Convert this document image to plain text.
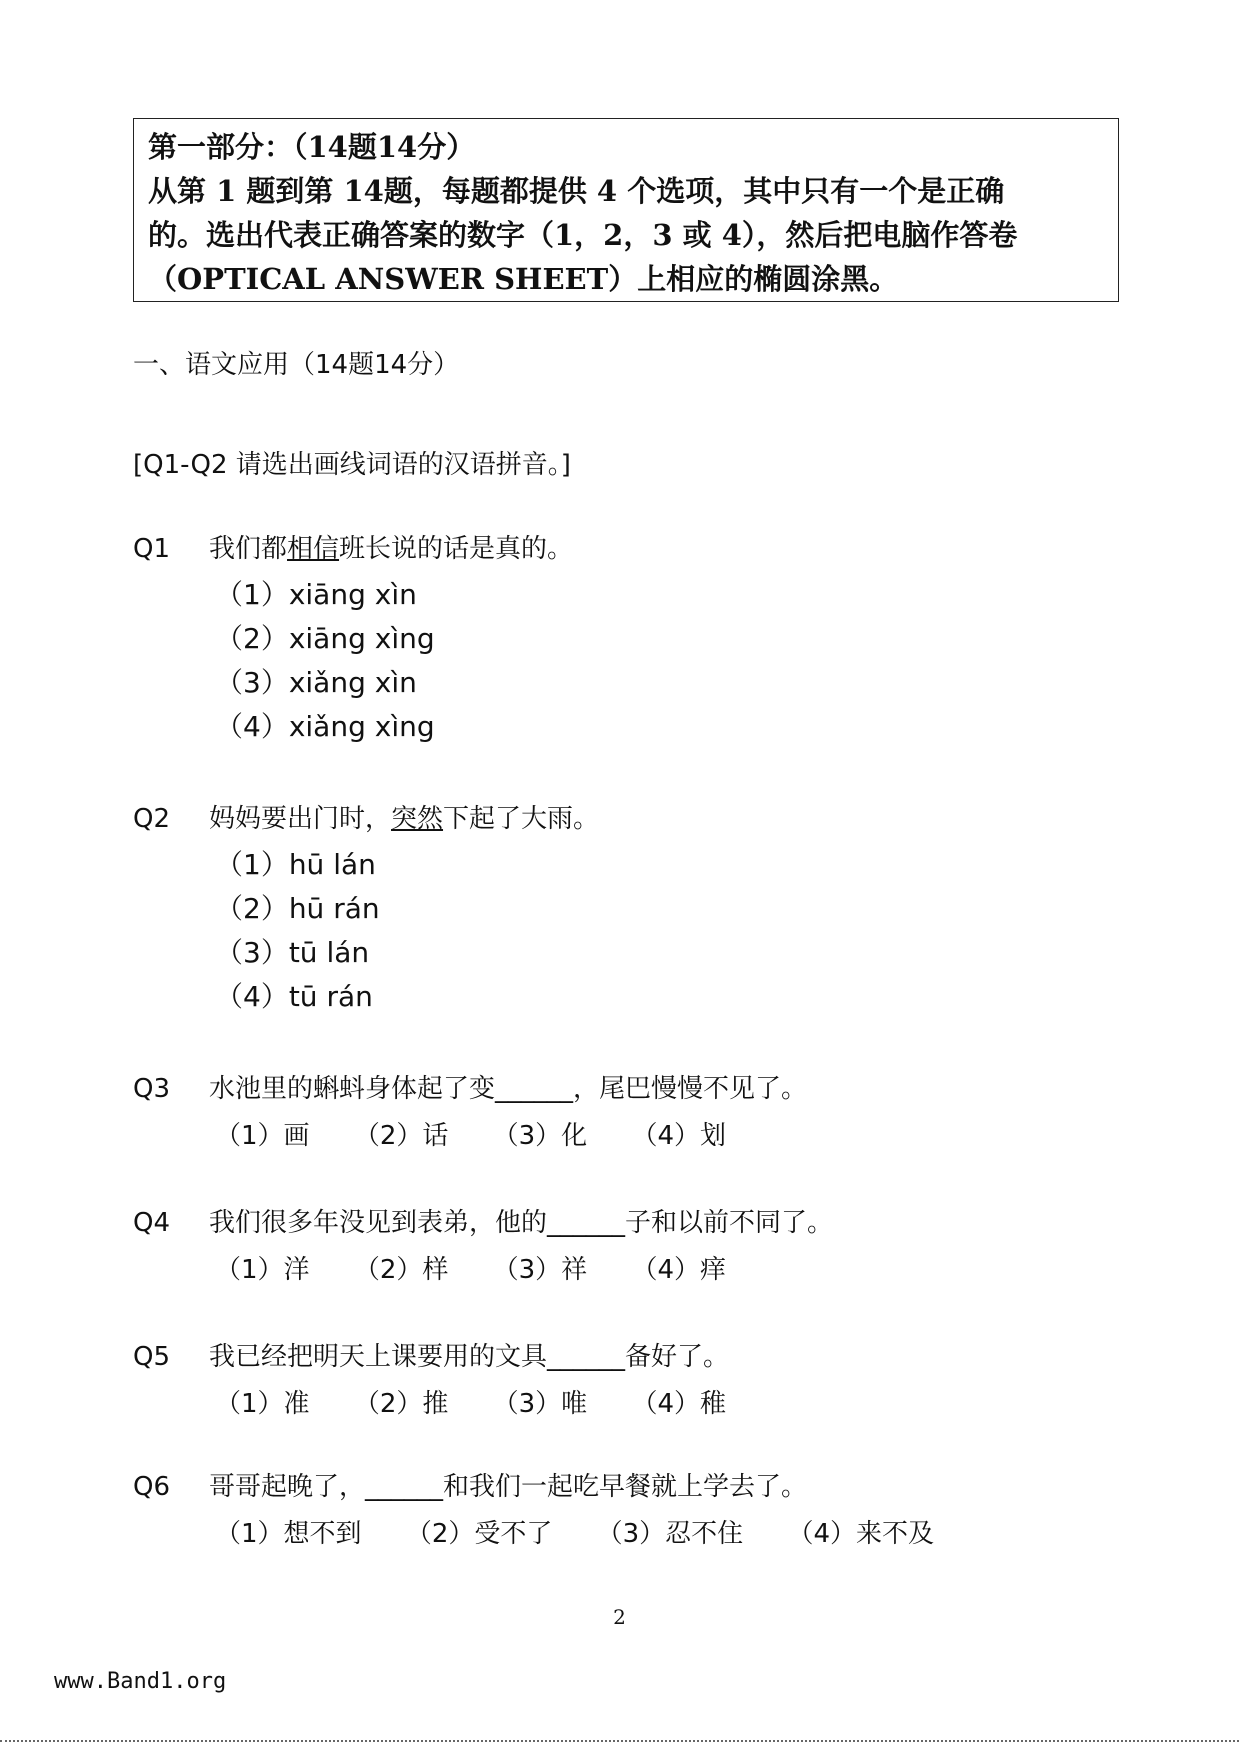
第一部分：（14题14分）
从第 1 题到第 14题，每题都提供 4 个选项，其中只有一个是正确
的。选出代表正确答案的数字（1，2，3 或 4），然后把电脑作答卷
（OPTICAL ANSWER SHEET）上相应的椭圆涂黑。
一、语文应用（14题14分）
[Q1-Q2 请选出画线词语的汉语拼音。]
Q1 我们都相信班长说的话是真的。
（1）xiāng xìn
（2）xiāng xìng
（3）xiǎng xìn
（4）xiǎng xìng
Q2 妈妈要出门时，突然下起了大雨。
（1）hū lán
（2）hū rán
（3）tū lán
（4）tū rán
Q3 水池里的蝌蚪身体起了变______，尾巴慢慢不见了。
（1）画 （2）话 （3）化 （4）划
Q4 我们很多年没见到表弟，他的______子和以前不同了。
（1）洋 （2）样 （3）祥 （4）痒
Q5 我已经把明天上课要用的文具______备好了。
（1）准 （2）推 （3）唯 （4）稚
Q6 哥哥起晚了，______和我们一起吃早餐就上学去了。
（1）想不到 （2）受不了 （3）忍不住 （4）来不及
2
www.Band1.org
